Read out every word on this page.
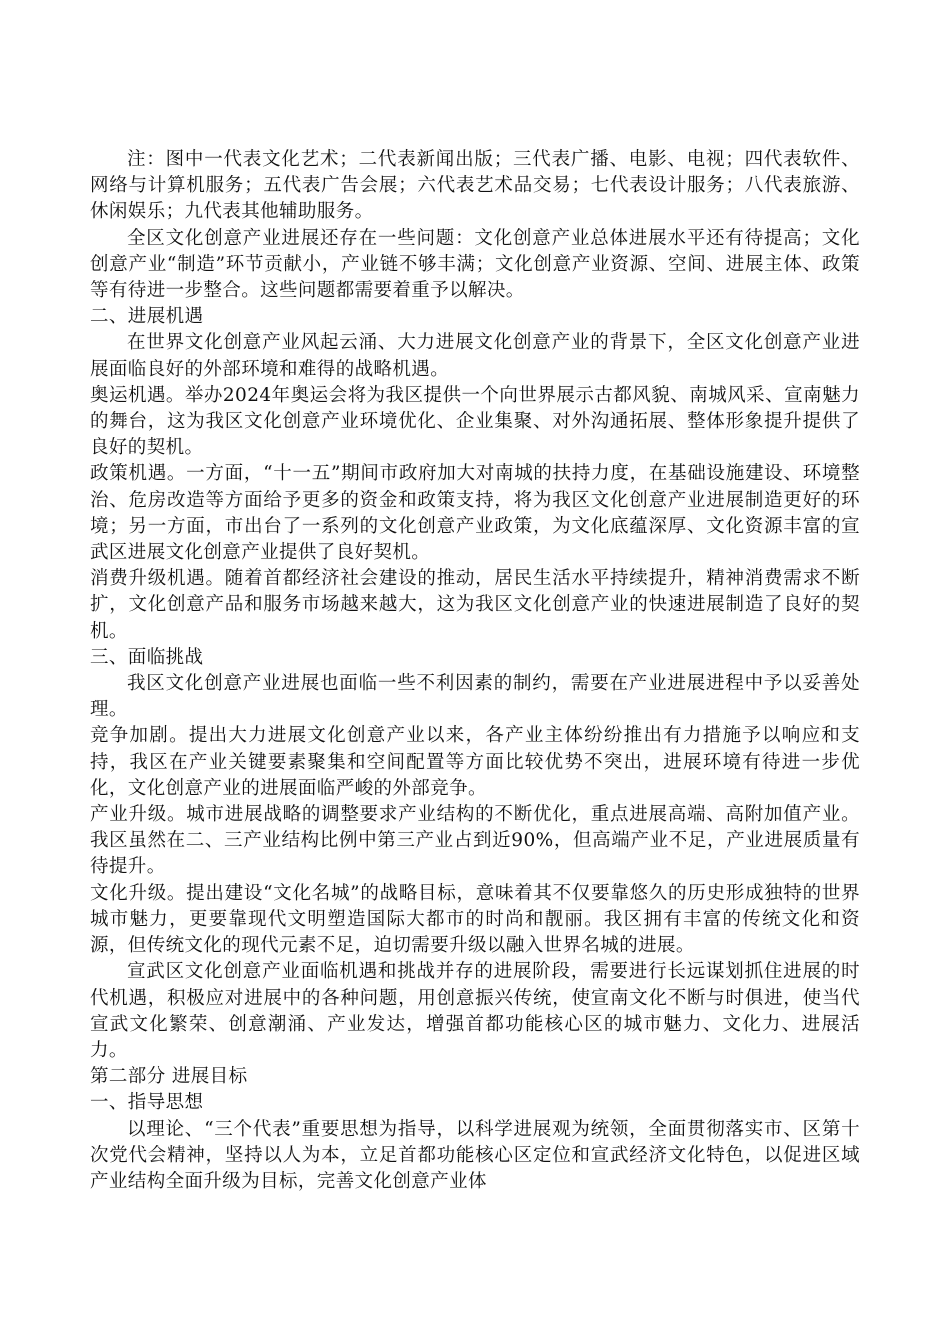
注：图中一代表文化艺术；二代表新闻出版；三代表广播、电影、电视；四代表软件、网络与计算机服务；五代表广告会展；六代表艺术品交易；七代表设计服务；八代表旅游、休闲娱乐；九代表其他辅助服务。

全区文化创意产业进展还存在一些问题：文化创意产业总体进展水平还有待提高；文化创意产业“制造”环节贡献小，产业链不够丰满；文化创意产业资源、空间、进展主体、政策等有待进一步整合。这些问题都需要着重予以解决。

二、进展机遇

在世界文化创意产业风起云涌、大力进展文化创意产业的背景下，全区文化创意产业进展面临良好的外部环境和难得的战略机遇。

奥运机遇。举办2024年奥运会将为我区提供一个向世界展示古都风貌、南城风采、宣南魅力的舞台，这为我区文化创意产业环境优化、企业集聚、对外沟通拓展、整体形象提升提供了良好的契机。

政策机遇。一方面，“十一五”期间市政府加大对南城的扶持力度，在基础设施建设、环境整治、危房改造等方面给予更多的资金和政策支持，将为我区文化创意产业进展制造更好的环境；另一方面，市出台了一系列的文化创意产业政策，为文化底蕴深厚、文化资源丰富的宣武区进展文化创意产业提供了良好契机。

消费升级机遇。随着首都经济社会建设的推动，居民生活水平持续提升，精神消费需求不断扩，文化创意产品和服务市场越来越大，这为我区文化创意产业的快速进展制造了良好的契机。

三、面临挑战

我区文化创意产业进展也面临一些不利因素的制约，需要在产业进展进程中予以妥善处理。

竞争加剧。提出大力进展文化创意产业以来，各产业主体纷纷推出有力措施予以响应和支持，我区在产业关键要素聚集和空间配置等方面比较优势不突出，进展环境有待进一步优化，文化创意产业的进展面临严峻的外部竞争。

产业升级。城市进展战略的调整要求产业结构的不断优化，重点进展高端、高附加值产业。我区虽然在二、三产业结构比例中第三产业占到近90%，但高端产业不足，产业进展质量有待提升。

文化升级。提出建设“文化名城”的战略目标，意味着其不仅要靠悠久的历史形成独特的世界城市魅力，更要靠现代文明塑造国际大都市的时尚和靓丽。我区拥有丰富的传统文化和资源，但传统文化的现代元素不足，迫切需要升级以融入世界名城的进展。

宣武区文化创意产业面临机遇和挑战并存的进展阶段，需要进行长远谋划抓住进展的时代机遇，积极应对进展中的各种问题，用创意振兴传统，使宣南文化不断与时俱进，使当代宣武文化繁荣、创意潮涌、产业发达，增强首都功能核心区的城市魅力、文化力、进展活力。

第二部分 进展目标

一、指导思想

以理论、“三个代表”重要思想为指导，以科学进展观为统领，全面贯彻落实市、区第十次党代会精神，坚持以人为本，立足首都功能核心区定位和宣武经济文化特色，以促进区域产业结构全面升级为目标，完善文化创意产业体
